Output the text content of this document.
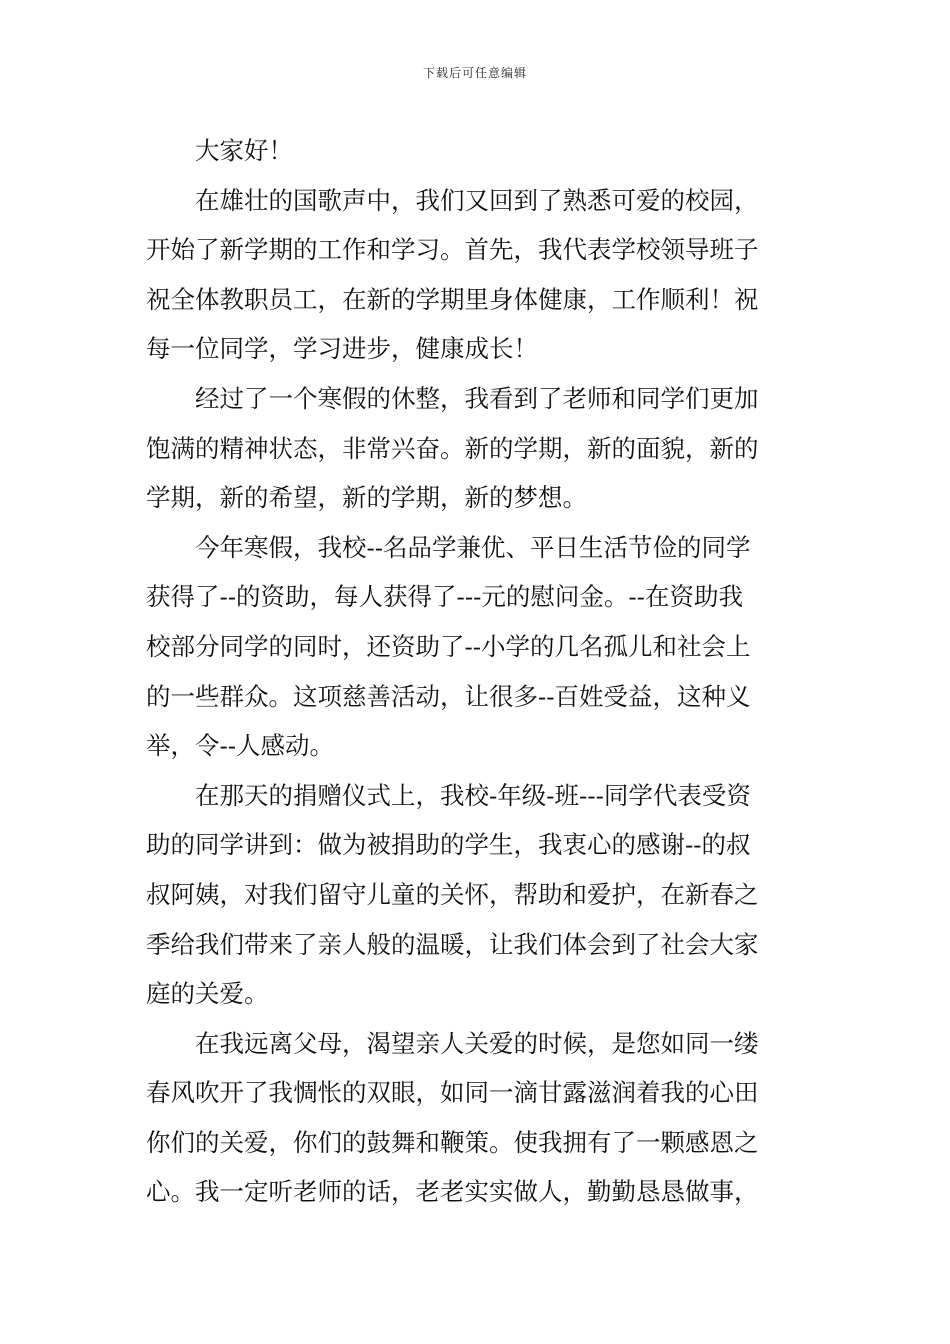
下载后可任意编辑
大家好！
在雄壮的国歌声中，我们又回到了熟悉可爱的校园，
开始了新学期的工作和学习。首先，我代表学校领导班子
祝全体教职员工，在新的学期里身体健康，工作顺利！祝
每一位同学，学习进步，健康成长！
经过了一个寒假的休整，我看到了老师和同学们更加
饱满的精神状态，非常兴奋。新的学期，新的面貌，新的
学期，新的希望，新的学期，新的梦想。
今年寒假，我校--名品学兼优、平日生活节俭的同学
获得了--的资助，每人获得了---元的慰问金。--在资助我
校部分同学的同时，还资助了--小学的几名孤儿和社会上
的一些群众。这项慈善活动，让很多--百姓受益，这种义
举，令--人感动。
在那天的捐赠仪式上，我校-年级-班---同学代表受资
助的同学讲到：做为被捐助的学生，我衷心的感谢--的叔
叔阿姨，对我们留守儿童的关怀，帮助和爱护，在新春之
季给我们带来了亲人般的温暖，让我们体会到了社会大家
庭的关爱。
在我远离父母，渴望亲人关爱的时候，是您如同一缕
春风吹开了我惆怅的双眼，如同一滴甘露滋润着我的心田
你们的关爱，你们的鼓舞和鞭策。使我拥有了一颗感恩之
心。我一定听老师的话，老老实实做人，勤勤恳恳做事，
